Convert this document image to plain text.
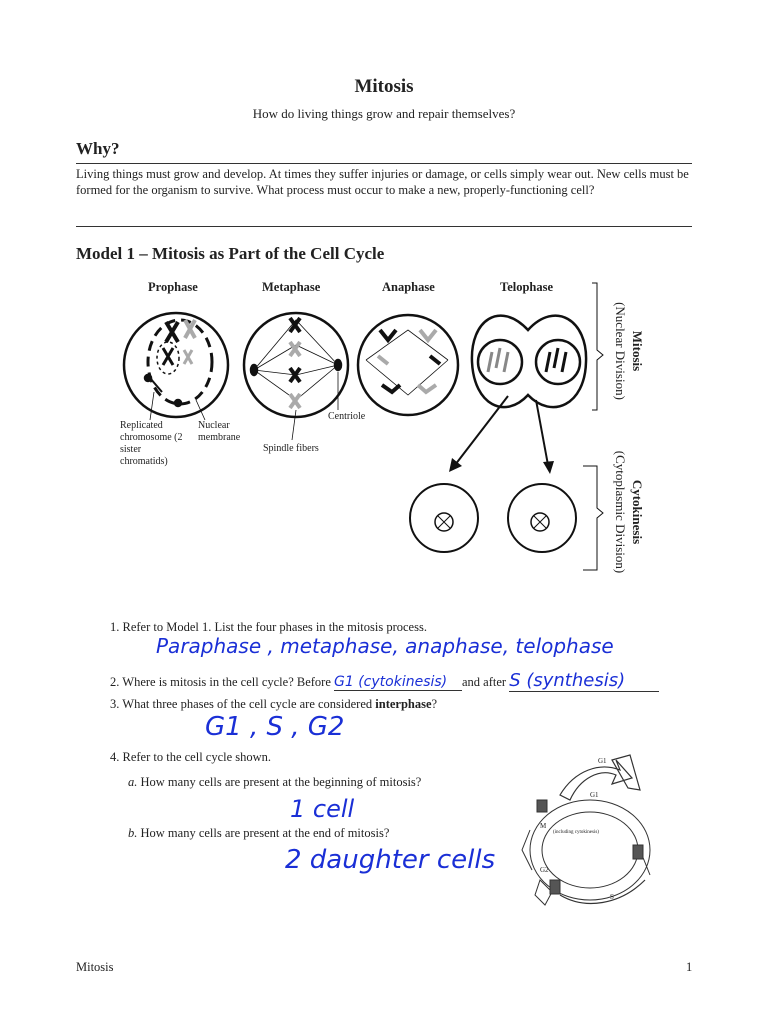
Mitosis
How do living things grow and repair themselves?
Why?
Living things must grow and develop. At times they suffer injuries or damage, or cells simply wear out. New cells must be formed for the organism to survive. What process must occur to make a new, properly-functioning cell?
Model 1 – Mitosis as Part of the Cell Cycle
Prophase	Metaphase	Anaphase	Telophase
Replicated chromosome (2 sister chromatids)
Nuclear membrane
Spindle fibers
Centriole
Mitosis
(Nuclear Division)
Cytokinesis
(Cytoplasmic Division)
1. Refer to Model 1. List the four phases in the mitosis process.
Paraphase , metaphase, anaphase, telophase
2. Where is mitosis in the cell cycle? Before G1 (cytokinesis) and after S (synthesis)
3. What three phases of the cell cycle are considered interphase?
G1 , S , G2
4. Refer to the cell cycle shown.
a. How many cells are present at the beginning of mitosis?
1 cell
b. How many cells are present at the end of mitosis?
2 daughter cells
G1
G1
M
(including cytokinesis)
G2
S
Mitosis	1
